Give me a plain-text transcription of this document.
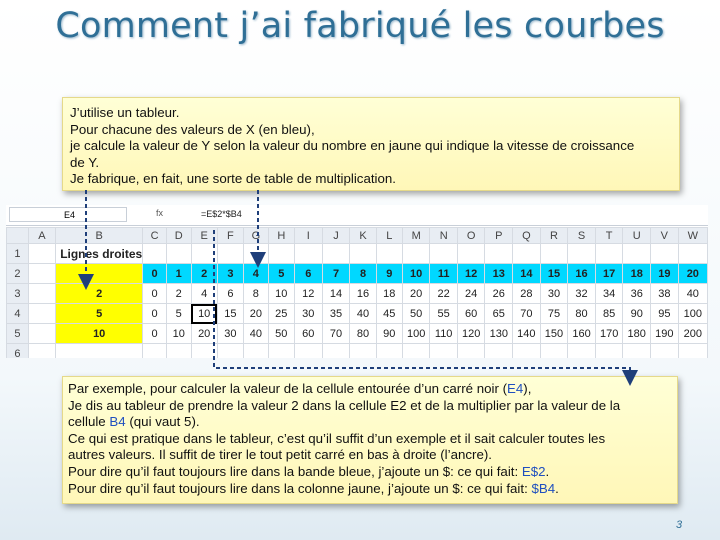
Comment j’ai fabriqué les courbes
E4	fx	=E$2*$B4
	A	B	C	D	E	F	G	H	I	J	K	L	M	N	O	P	Q	R	S	T	U	V	W
1		Lignes droites																					
2			0	1	2	3	4	5	6	7	8	9	10	11	12	13	14	15	16	17	18	19	20
3		2	0	2	4	6	8	10	12	14	16	18	20	22	24	26	28	30	32	34	36	38	40
4		5	0	5	10	15	20	25	30	35	40	45	50	55	60	65	70	75	80	85	90	95	100
5		10	0	10	20	30	40	50	60	70	80	90	100	110	120	130	140	150	160	170	180	190	200
6																							
J’utilise un tableur.
Pour chacune des valeurs de X (en bleu),
je calcule la valeur de Y selon la valeur du nombre en jaune qui indique la vitesse de croissance
de Y.
Je fabrique, en fait, une sorte de table de multiplication.
Par exemple, pour calculer la valeur de la cellule entourée d’un carré noir (E4),
Je dis au tableur de prendre la valeur 2 dans la cellule E2 et de la multiplier par la valeur de la
cellule B4 (qui vaut 5).
Ce qui est pratique dans le tableur, c’est qu’il suffit d’un exemple et il sait calculer toutes les
autres valeurs. Il suffit de tirer le tout petit carré en bas à droite (l’ancre).
Pour dire qu’il faut toujours lire dans la bande bleue, j’ajoute un $: ce qui fait: E$2.
Pour dire qu’il faut toujours lire dans la colonne jaune, j’ajoute un $: ce qui fait: $B4.
3
